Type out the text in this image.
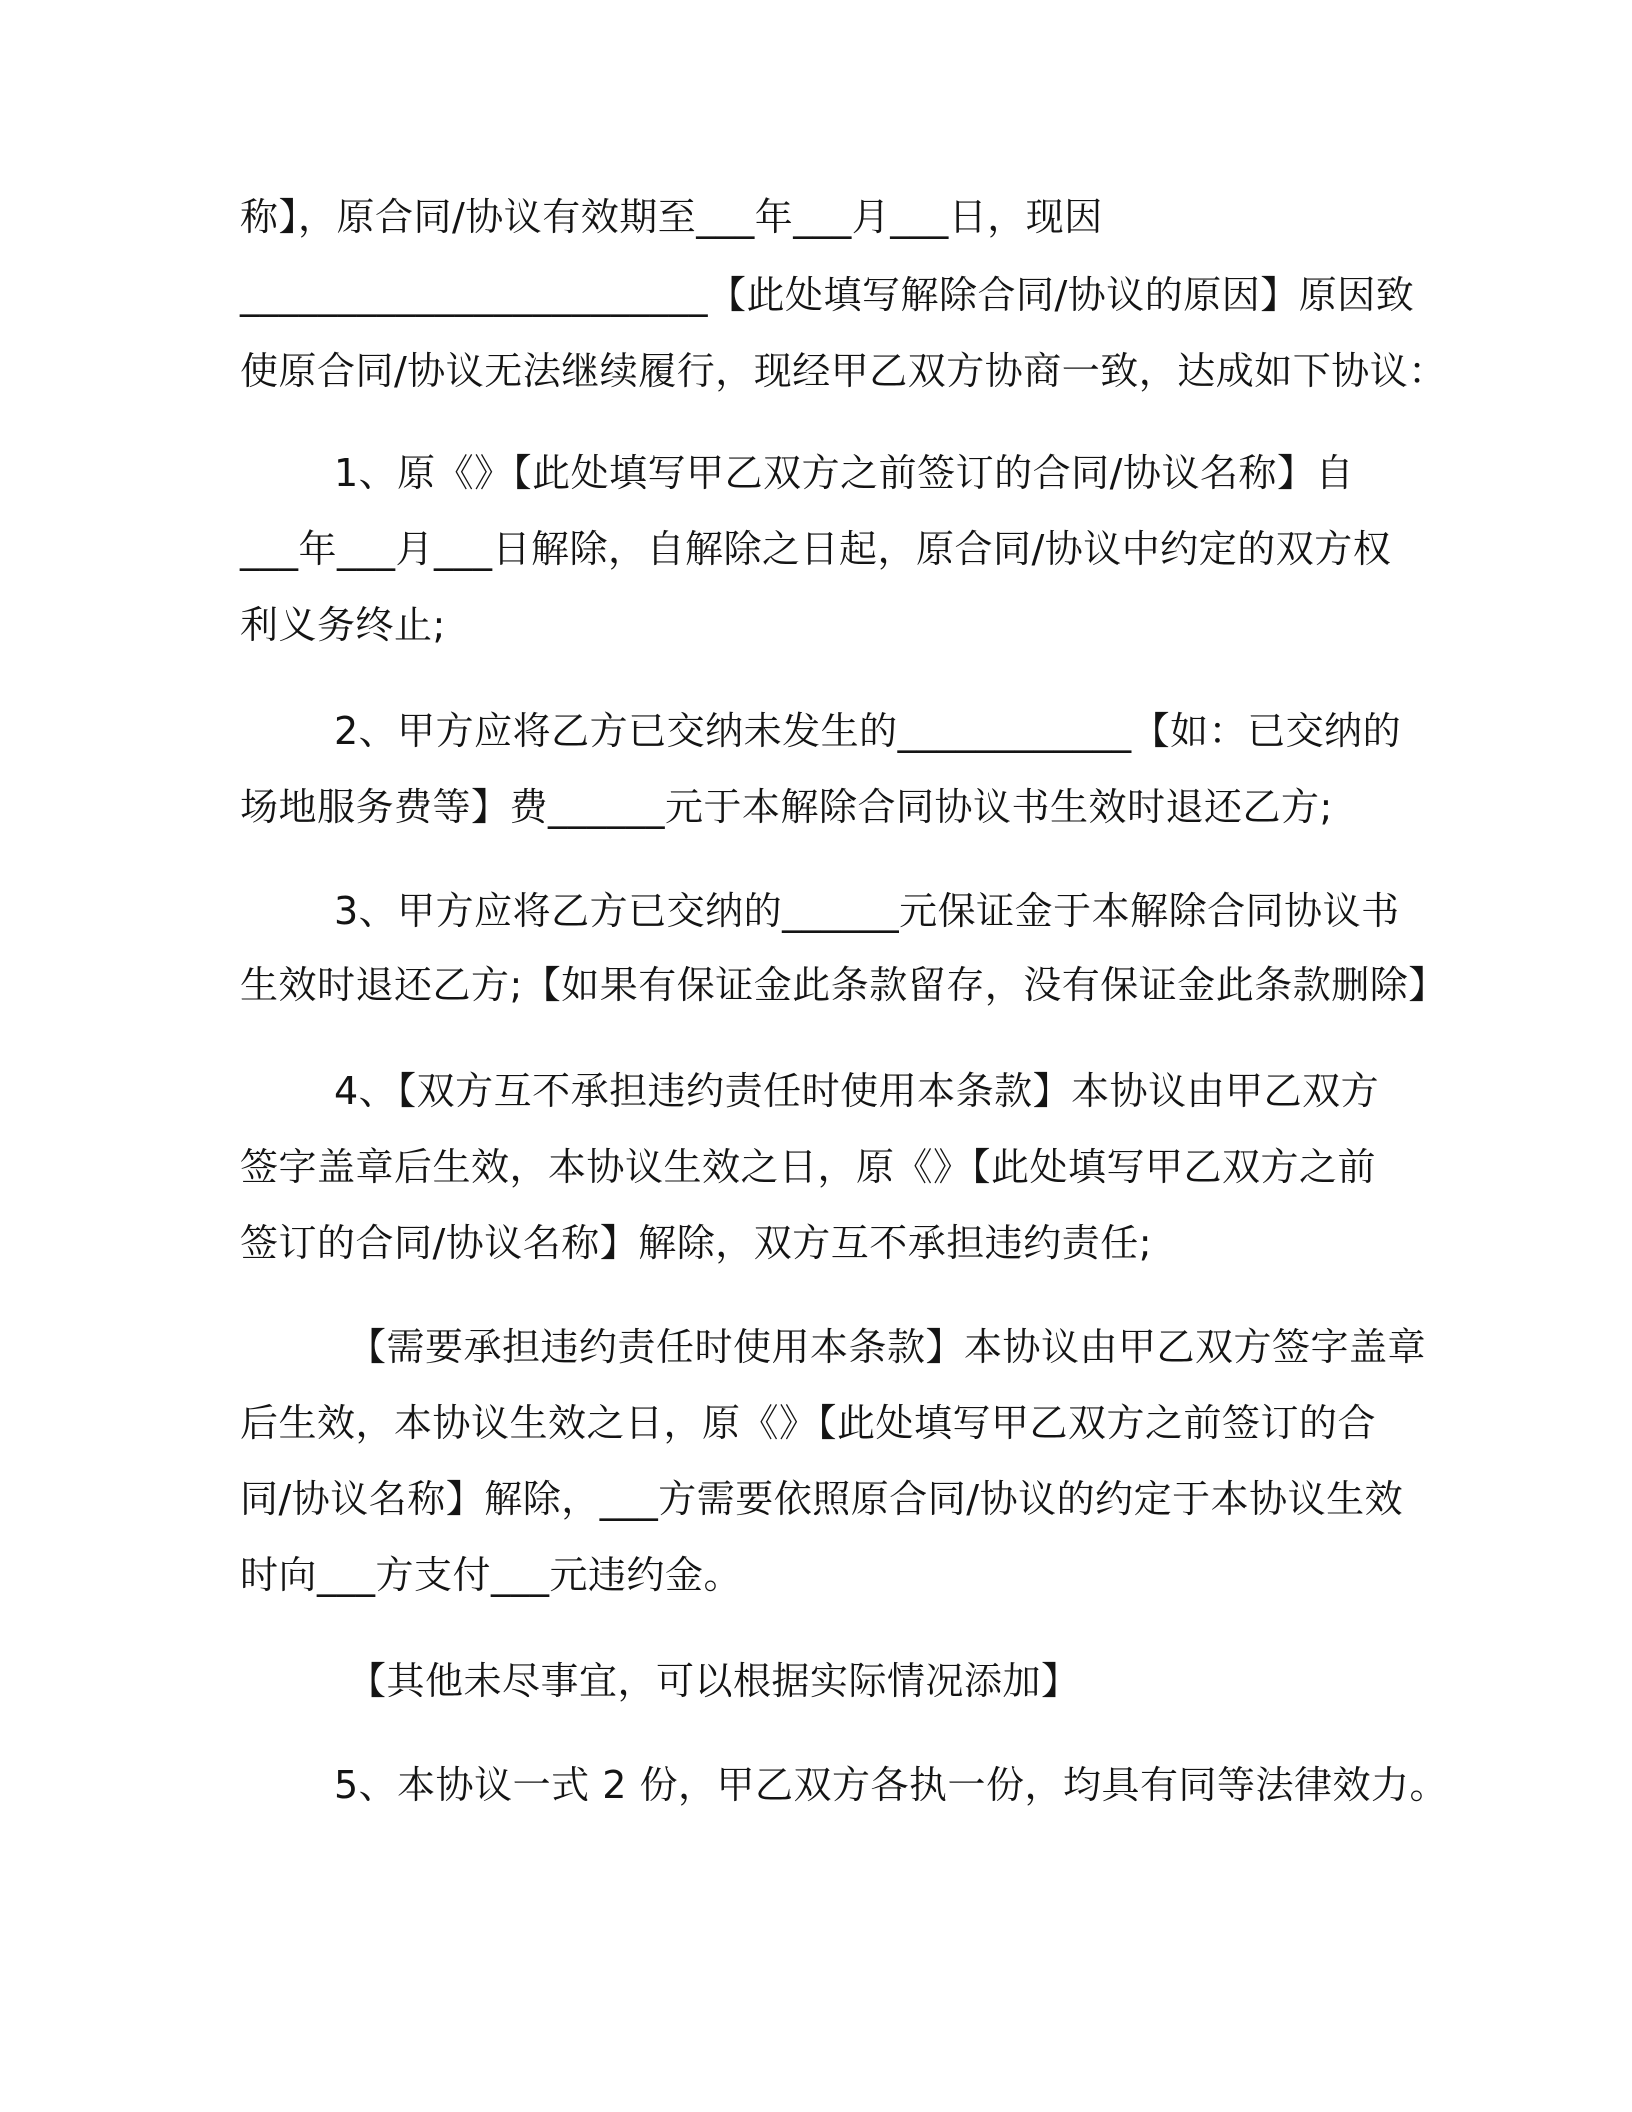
称】，原合同/协议有效期至___年___月___日，现因
________________________【此处填写解除合同/协议的原因】原因致
使原合同/协议无法继续履行，现经甲乙双方协商一致，达成如下协议：
1、原《》【此处填写甲乙双方之前签订的合同/协议名称】自
___年___月___日解除，自解除之日起，原合同/协议中约定的双方权
利义务终止;
2、甲方应将乙方已交纳未发生的____________【如：已交纳的
场地服务费等】费______元于本解除合同协议书生效时退还乙方;
3、甲方应将乙方已交纳的______元保证金于本解除合同协议书
生效时退还乙方;【如果有保证金此条款留存，没有保证金此条款删除】
4、【双方互不承担违约责任时使用本条款】本协议由甲乙双方
签字盖章后生效，本协议生效之日，原《》【此处填写甲乙双方之前
签订的合同/协议名称】解除，双方互不承担违约责任;
【需要承担违约责任时使用本条款】本协议由甲乙双方签字盖章
后生效，本协议生效之日，原《》【此处填写甲乙双方之前签订的合
同/协议名称】解除，___方需要依照原合同/协议的约定于本协议生效
时向___方支付___元违约金。
【其他未尽事宜，可以根据实际情况添加】
5、本协议一式 2 份，甲乙双方各执一份，均具有同等法律效力。
